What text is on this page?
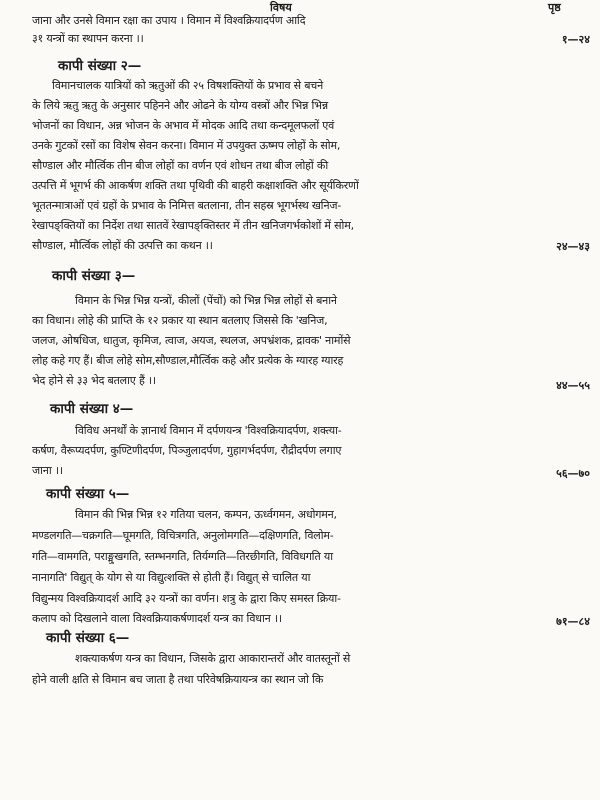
विषय	पृष्ठ
जाना और उनसे विमान रक्षा का उपाय । विमान में विश्वक्रियादर्पण आदि
३१ यन्त्रों का स्थापन करना ।।	१—२४
कापी संख्या २—
विमानचालक यात्रियों को ऋतुओं की २५ विषशक्तियों के प्रभाव से बचने
के लिये ऋतु ऋतु के अनुसार पहिनने और ओढने के योग्य वस्त्रों और भिन्न भिन्न
भोजनों का विधान, अन्न भोजन के अभाव में मोदक आदि तथा कन्दमूलफलों एवं
उनके गुटकों रसों का विशेष सेवन करना। विमान में उपयुक्त ऊष्मप लोहों के सोम,
सौण्डाल और मौर्त्विक तीन बीज लोहों का वर्णन एवं शोधन तथा बीज लोहों की
उत्पत्ति में भूगर्भ की आकर्षण शक्ति तथा पृथिवी की बाहरी कक्षाशक्ति और सूर्यकिरणों
भूततन्मात्राओं एवं ग्रहों के प्रभाव के निमित्त बतलाना, तीन सहस्र भूगर्भस्थ खनिज-
रेखापङ्क्तियों का निर्देश तथा सातवें रेखापङ्क्तिस्तर में तीन खनिजगर्भकोशों में सोम,
सौण्डाल, मौर्त्विक लोहों की उत्पत्ति का कथन ।।	२४—४३
कापी संख्या ३—
विमान के भिन्न भिन्न यन्त्रों, कीलों (पेंचों) को भिन्न भिन्न लोहों से बनाने
का विधान। लोहे की प्राप्ति के १२ प्रकार या स्थान बतलाए जिससे कि 'खनिज,
जलज, ओषधिज, धातुज, कृमिज, त्वाज, अयज, स्थलज, अपभ्रंशक, द्रावक' नामोंसे
लोह कहे गए हैं। बीज लोहे सोम,सौण्डाल,मौर्त्विक कहे और प्रत्येक के ग्यारह ग्यारह
भेद होने से ३३ भेद बतलाए हैं ।।	४४—५५
कापी संख्या ४—
विविध अनर्थों के ज्ञानार्थ विमान में दर्पणयन्त्र 'विश्वक्रियादर्पण, शक्त्या-
कर्षण, वैरूप्यदर्पण, कुण्टिणीदर्पण, पिञ्जुलादर्पण, गुहागर्भदर्पण, रौद्रीदर्पण लगाए
जाना ।।	५६—७०
कापी संख्या ५—
विमान की भिन्न भिन्न १२ गतिया चलन, कम्पन, ऊर्ध्वगमन, अधोगमन,
मण्डलगति—चक्रगति—घूमगति, विचित्रगति, अनुलोमगति—दक्षिणगति, विलोम-
गति—वामगति, पराङ्मुखगति, स्तम्भनगति, तिर्यग्गति—तिरछीगति, विविधगति या
नानागति' विद्युत् के योग से या विद्युत्शक्ति से होती हैं। विद्युत् से चालित या
विद्युन्मय विश्वक्रियादर्श आदि ३२ यन्त्रों का वर्णन। शत्रु के द्वारा किए समस्त क्रिया-
कलाप को दिखलाने वाला विश्वक्रियाकर्षणादर्श यन्त्र का विधान ।।	७१—८४
कापी संख्या ६—
शक्त्याकर्षण यन्त्र का विधान, जिसके द्वारा आकारान्तरों और वातस्तूनों से
होने वाली क्षति से विमान बच जाता है तथा परिवेषक्रियायन्त्र का स्थान जो कि
